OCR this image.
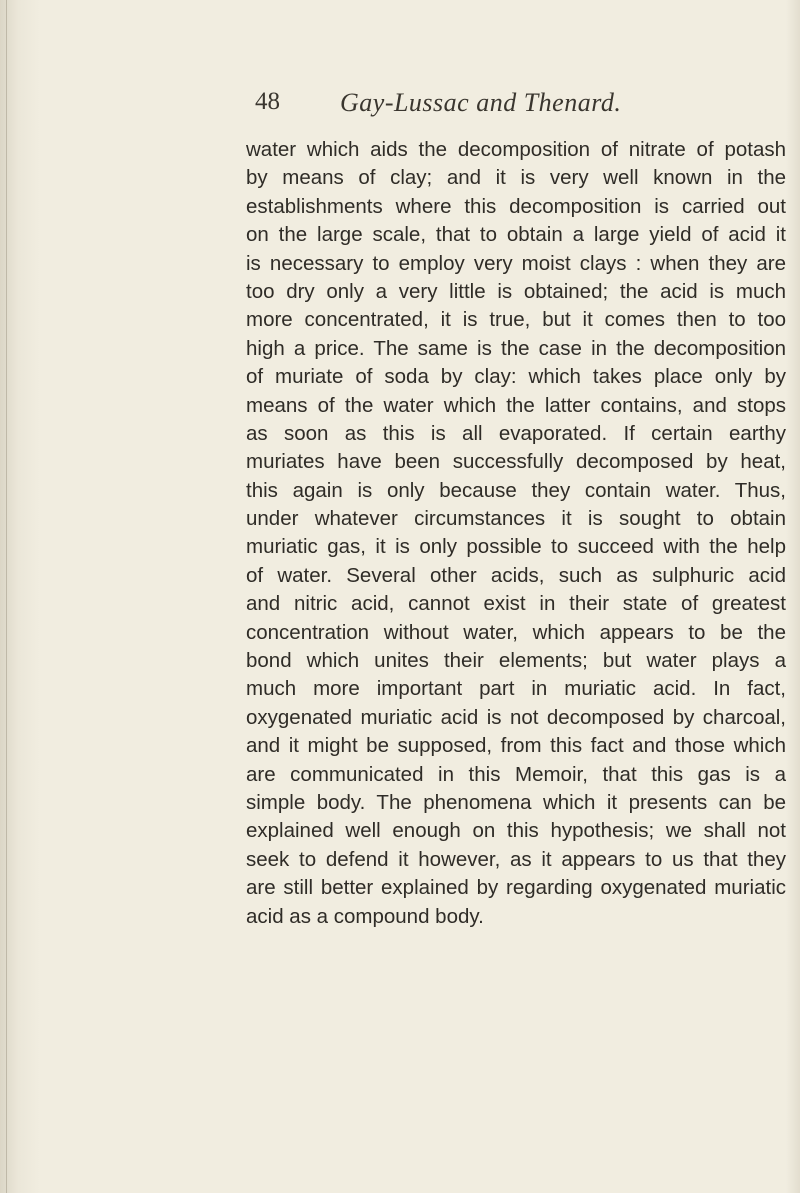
48 Gay-Lussac and Thenard.
water which aids the decomposition of nitrate of potash
by means of clay; and it is very well known in the
establishments where this decomposition is carried out
on the large scale, that to obtain a large yield of acid it
is necessary to employ very moist clays : when they are
too dry only a very little is obtained; the acid is much
more concentrated, it is true, but it comes then to too
high a price. The same is the case in the decomposition
of muriate of soda by clay: which takes place only by
means of the water which the latter contains, and stops
as soon as this is all evaporated. If certain earthy
muriates have been successfully decomposed by heat,
this again is only because they contain water. Thus,
under whatever circumstances it is sought to obtain
muriatic gas, it is only possible to succeed with the help
of water. Several other acids, such as sulphuric acid
and nitric acid, cannot exist in their state of greatest
concentration without water, which appears to be the
bond which unites their elements; but water plays a
much more important part in muriatic acid. In fact,
oxygenated muriatic acid is not decomposed by charcoal,
and it might be supposed, from this fact and those which
are communicated in this Memoir, that this gas is a
simple body. The phenomena which it presents can be
explained well enough on this hypothesis; we shall not
seek to defend it however, as it appears to us that they
are still better explained by regarding oxygenated muriatic
acid as a compound body.
